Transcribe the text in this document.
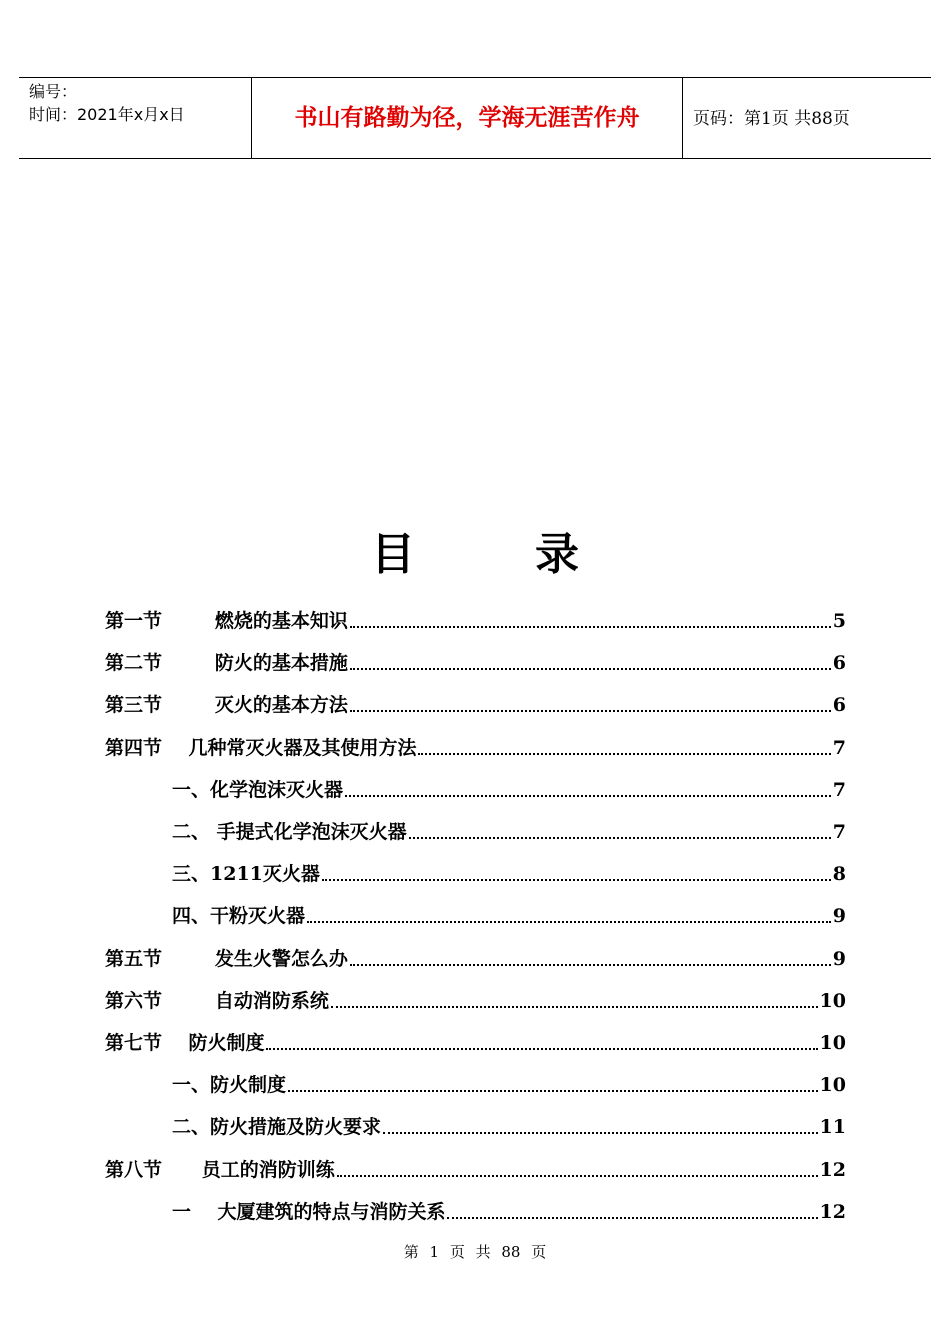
编号：
时间：2021年x月x日	书山有路勤为径，学海无涯苦作舟	页码：第1页 共88页
目录
第一节        燃烧的基本知识	5
第二节        防火的基本措施	6
第三节        灭火的基本方法	6
第四节    几种常灭火器及其使用方法	7
一、化学泡沫灭火器	7
二、 手提式化学泡沫灭火器	7
三、1211灭火器	8
四、干粉灭火器	9
第五节        发生火警怎么办	9
第六节        自动消防系统	10
第七节    防火制度	10
一、防火制度	10
二、防火措施及防火要求	11
第八节      员工的消防训练	12
一    大厦建筑的特点与消防关系	12
第 1 页 共 88 页
